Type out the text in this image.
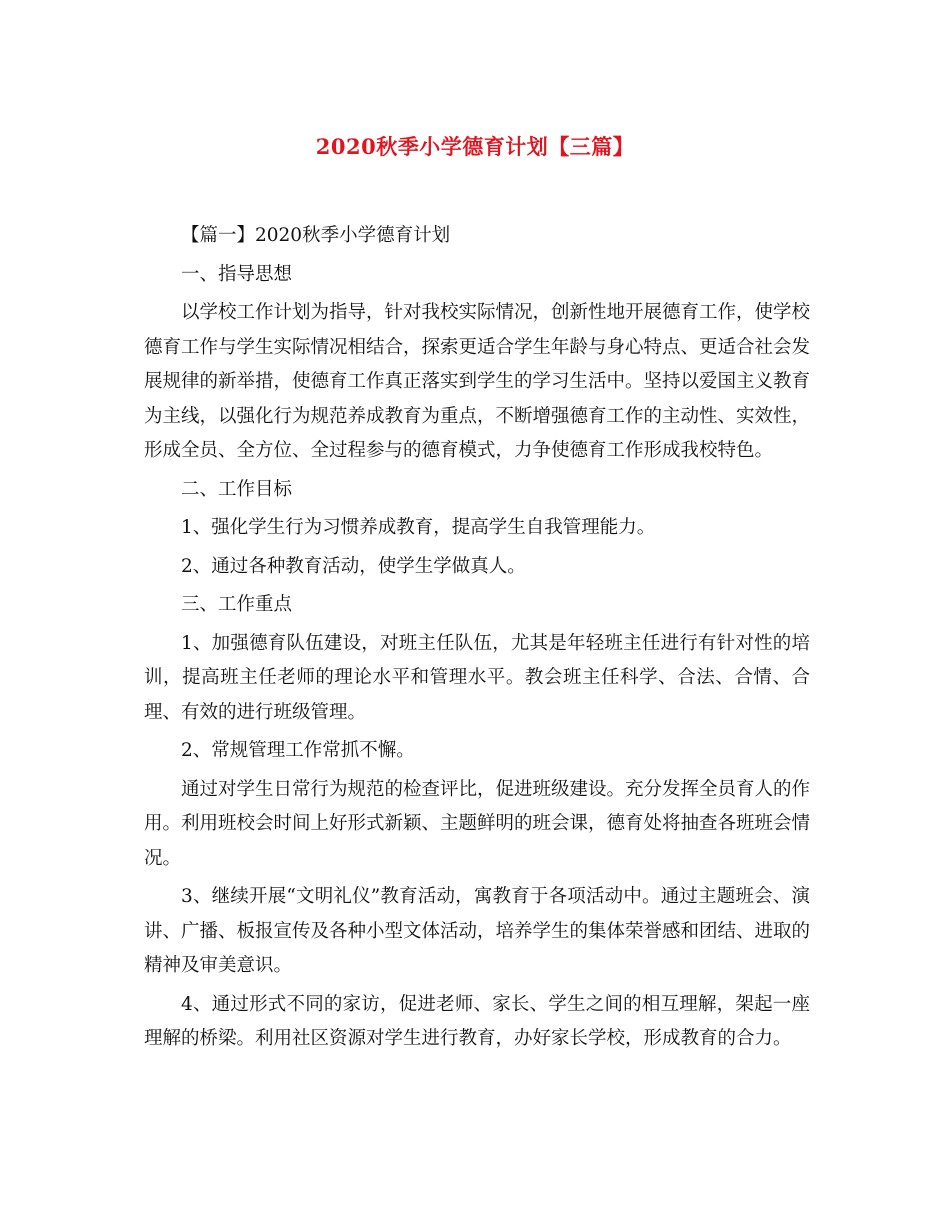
2020秋季小学德育计划【三篇】

【篇一】2020秋季小学德育计划

一、指导思想

以学校工作计划为指导，针对我校实际情况，创新性地开展德育工作，使学校德育工作与学生实际情况相结合，探索更适合学生年龄与身心特点、更适合社会发展规律的新举措，使德育工作真正落实到学生的学习生活中。坚持以爱国主义教育为主线，以强化行为规范养成教育为重点，不断增强德育工作的主动性、实效性，形成全员、全方位、全过程参与的德育模式，力争使德育工作形成我校特色。

二、工作目标

1、强化学生行为习惯养成教育，提高学生自我管理能力。

2、通过各种教育活动，使学生学做真人。

三、工作重点

1、加强德育队伍建设，对班主任队伍，尤其是年轻班主任进行有针对性的培训，提高班主任老师的理论水平和管理水平。教会班主任科学、合法、合情、合理、有效的进行班级管理。

2、常规管理工作常抓不懈。

通过对学生日常行为规范的检查评比，促进班级建设。充分发挥全员育人的作用。利用班校会时间上好形式新颖、主题鲜明的班会课，德育处将抽查各班班会情况。

3、继续开展“文明礼仪”教育活动，寓教育于各项活动中。通过主题班会、演讲、广播、板报宣传及各种小型文体活动，培养学生的集体荣誉感和团结、进取的精神及审美意识。

4、通过形式不同的家访，促进老师、家长、学生之间的相互理解，架起一座理解的桥梁。利用社区资源对学生进行教育，办好家长学校，形成教育的合力。
